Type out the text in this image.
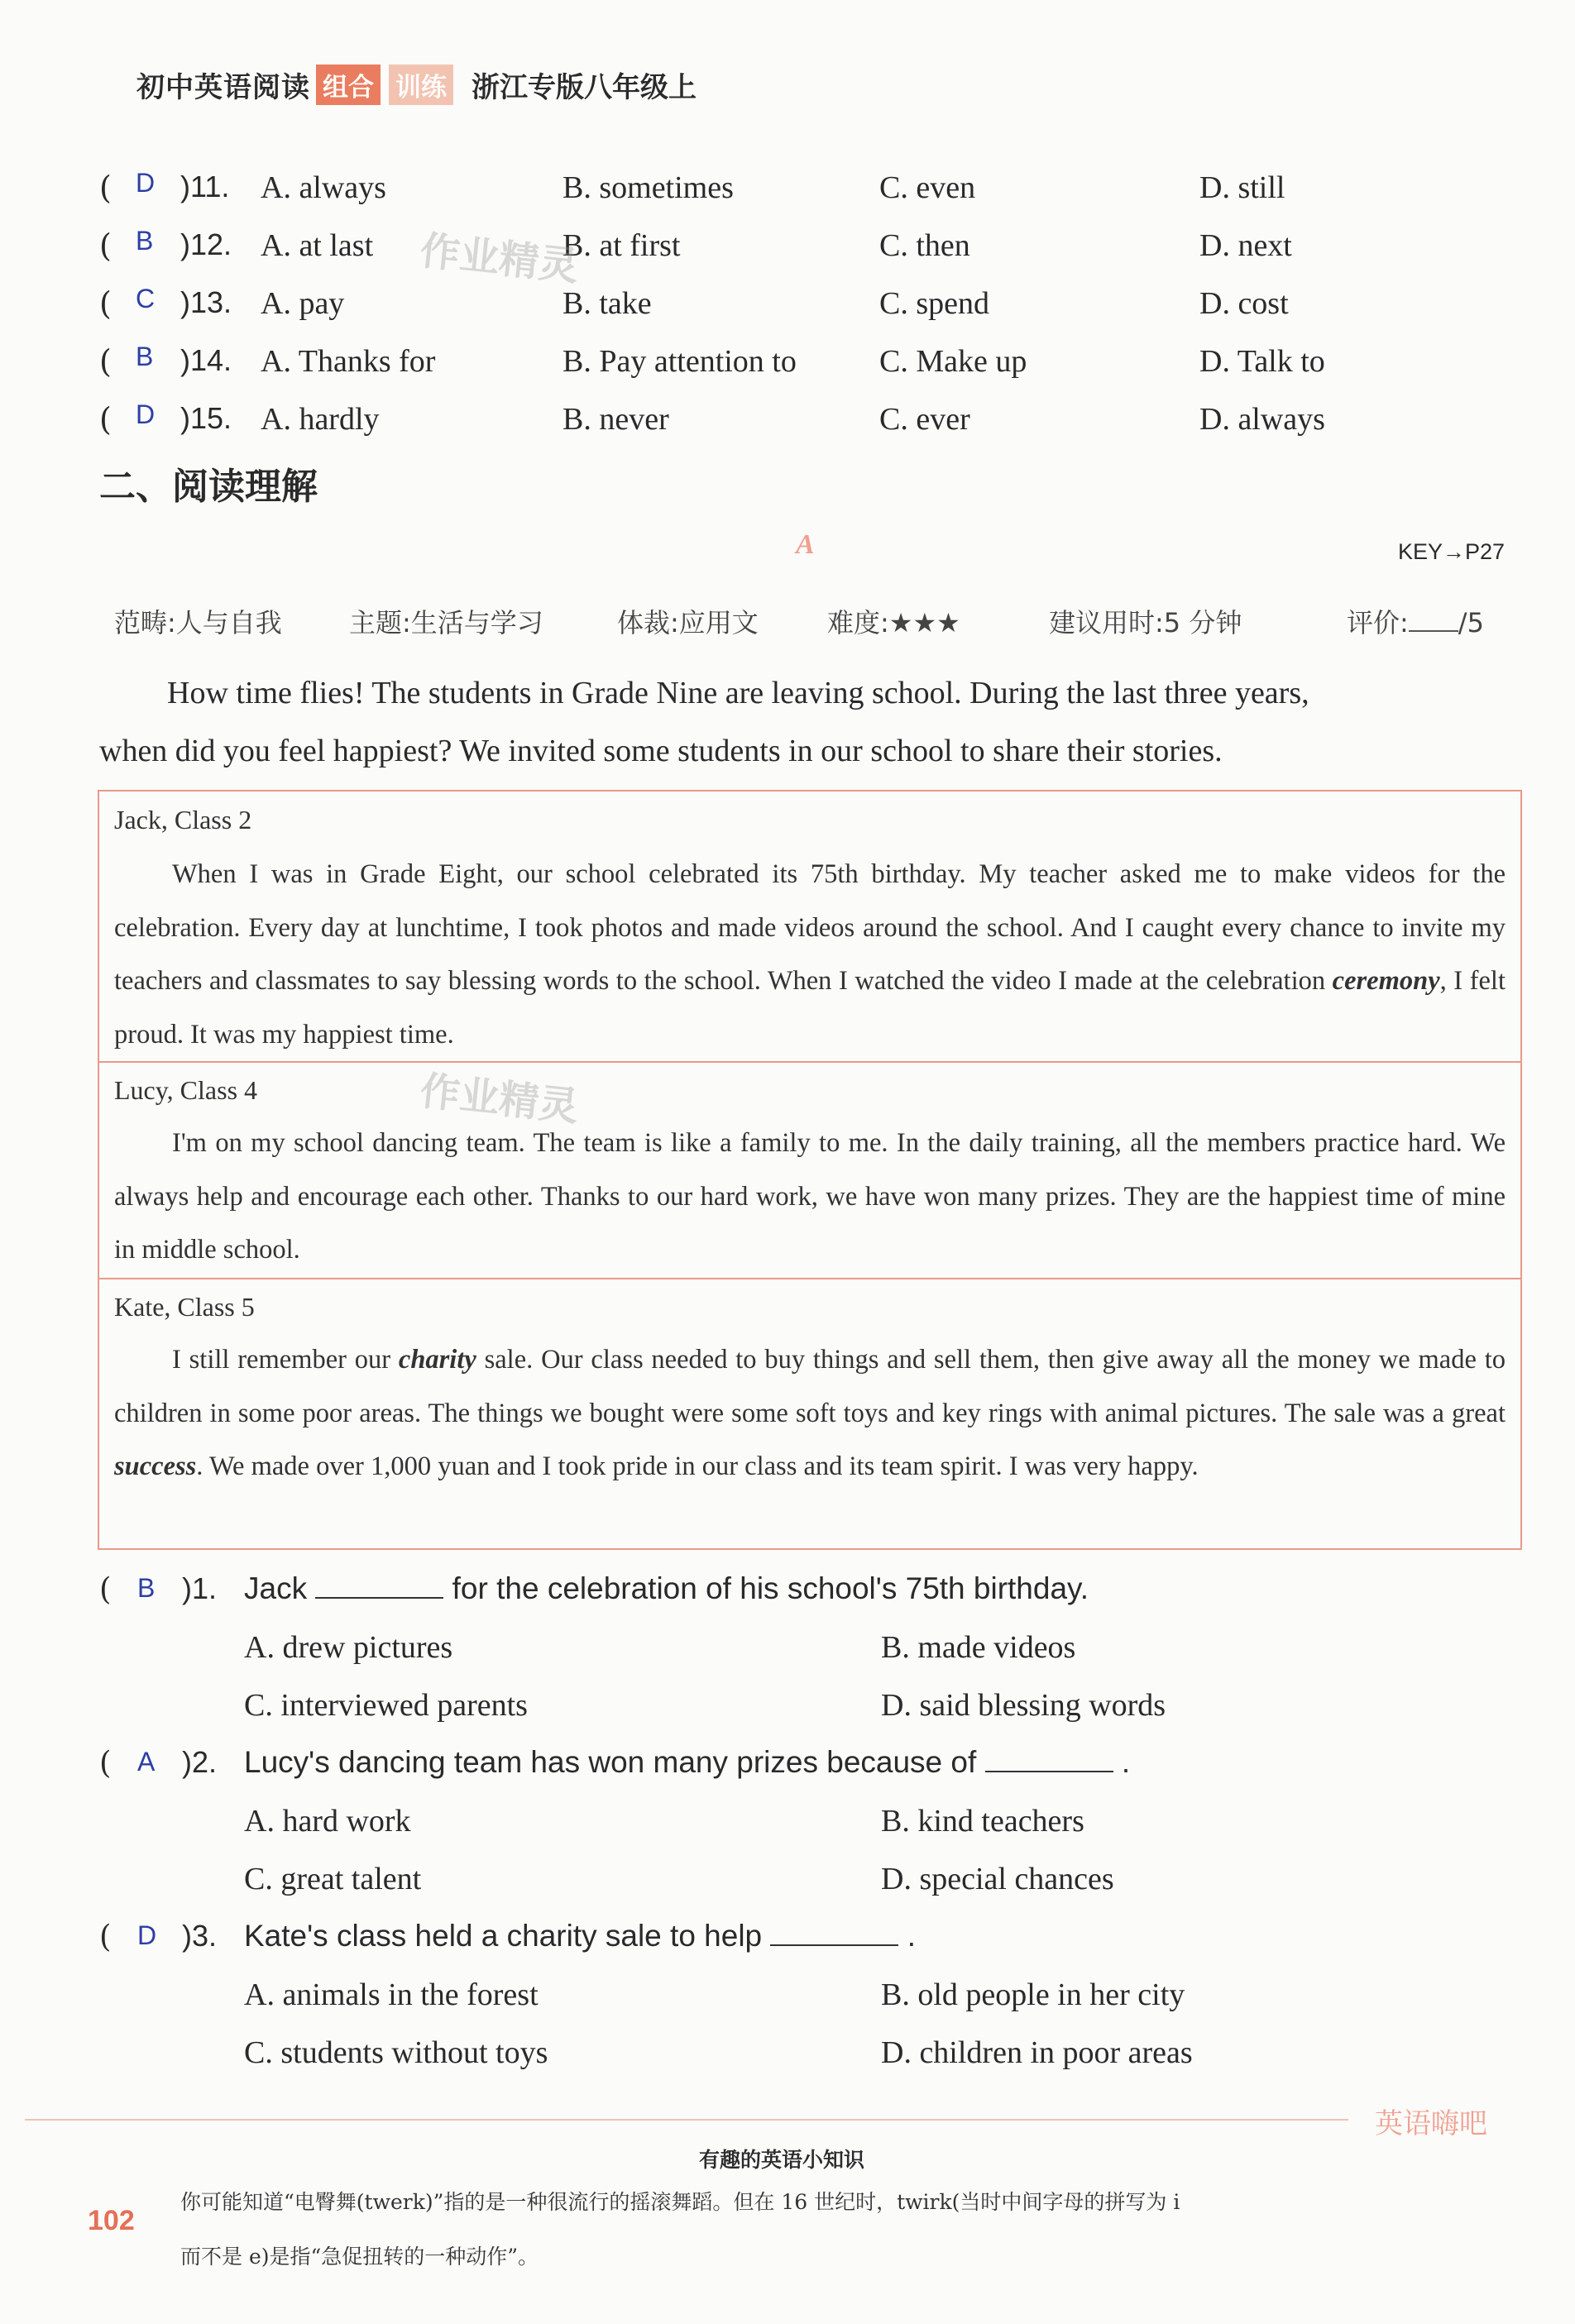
初中英语阅读 组合 训练 浙江专版八年级上
( D )11. A. always	B. sometimes	C. even	D. still
( B )12. A. at last	B. at first	C. then	D. next
( C )13. A. pay	B. take	C. spend	D. cost
( B )14. A. Thanks for	B. Pay attention to	C. Make up	D. Talk to
( D )15. A. hardly	B. never	C. ever	D. always
二、阅读理解
A	KEY→P27
范畴:人与自我	主题:生活与学习	体裁:应用文	难度:★★★	建议用时:5 分钟	评价: /5
How time flies! The students in Grade Nine are leaving school. During the last three years,
when did you feel happiest? We invited some students in our school to share their stories.
Jack, Class 2
When I was in Grade Eight, our school celebrated its 75th birthday. My teacher asked me to make videos for the celebration. Every day at lunchtime, I took photos and made videos around the school. And I caught every chance to invite my teachers and classmates to say blessing words to the school. When I watched the video I made at the celebration ceremony, I felt proud. It was my happiest time.
Lucy, Class 4
I'm on my school dancing team. The team is like a family to me. In the daily training, all the members practice hard. We always help and encourage each other. Thanks to our hard work, we have won many prizes. They are the happiest time of mine in middle school.
Kate, Class 5
I still remember our charity sale. Our class needed to buy things and sell them, then give away all the money we made to children in some poor areas. The things we bought were some soft toys and key rings with animal pictures. The sale was a great success. We made over 1,000 yuan and I took pride in our class and its team spirit. I was very happy.
( B )1. Jack	for the celebration of his school's 75th birthday.
A. drew pictures	B. made videos
C. interviewed parents	D. said blessing words
( A )2. Lucy's dancing team has won many prizes because of	.
A. hard work	B. kind teachers
C. great talent	D. special chances
( D )3. Kate's class held a charity sale to help	.
A. animals in the forest	B. old people in her city
C. students without toys	D. children in poor areas
英语嗨吧
有趣的英语小知识
102
你可能知道“电臀舞(twerk)”指的是一种很流行的摇滚舞蹈。但在 16 世纪时，twirk(当时中间字母的拼写为 i
而不是 e)是指“急促扭转的一种动作”。
作业精灵
作业精灵
